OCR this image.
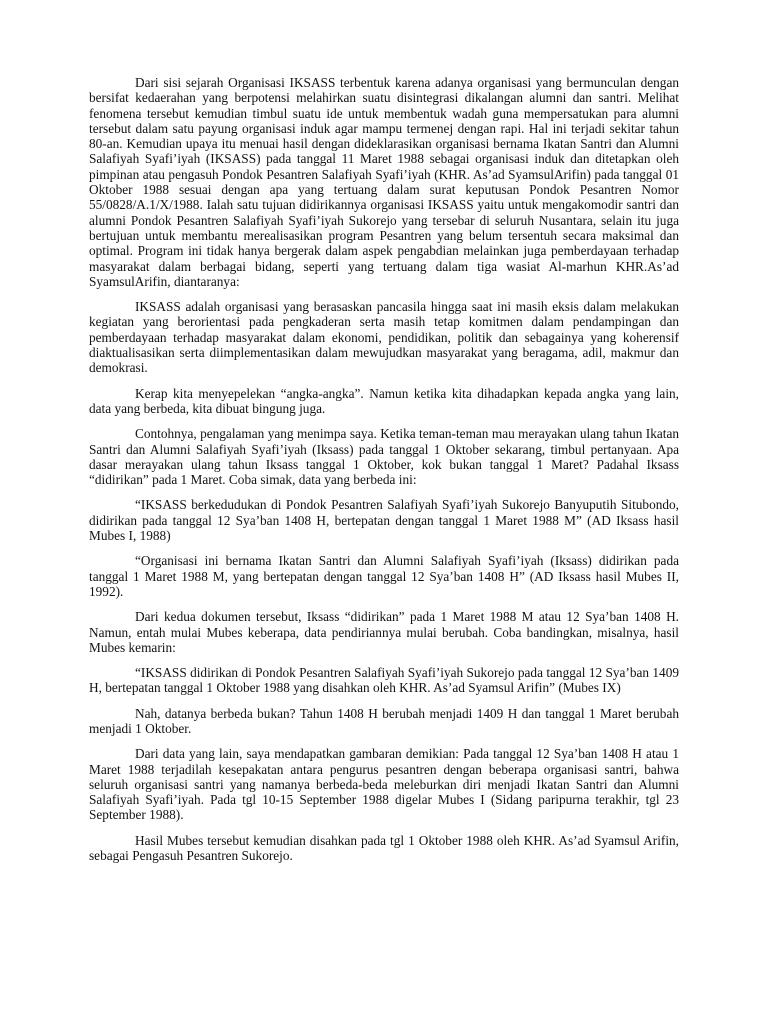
Dari sisi sejarah Organisasi IKSASS terbentuk karena adanya organisasi yang bermunculan dengan bersifat kedaerahan yang berpotensi melahirkan suatu disintegrasi dikalangan alumni dan santri. Melihat fenomena tersebut kemudian timbul suatu ide untuk membentuk wadah guna mempersatukan para alumni tersebut dalam satu payung organisasi induk agar mampu termenej dengan rapi. Hal ini terjadi sekitar tahun 80-an. Kemudian upaya itu menuai hasil dengan dideklarasikan organisasi bernama Ikatan Santri dan Alumni Salafiyah Syafi’iyah (IKSASS) pada tanggal 11 Maret 1988 sebagai organisasi induk dan ditetapkan oleh pimpinan atau pengasuh Pondok Pesantren Salafiyah Syafi’iyah (KHR. As’ad SyamsulArifin) pada tanggal 01 Oktober 1988 sesuai dengan apa yang tertuang dalam surat keputusan Pondok Pesantren Nomor 55/0828/A.1/X/1988. Ialah satu tujuan didirikannya organisasi IKSASS yaitu untuk mengakomodir santri dan alumni Pondok Pesantren Salafiyah Syafi’iyah Sukorejo yang tersebar di seluruh Nusantara, selain itu juga bertujuan untuk membantu merealisasikan program Pesantren yang belum tersentuh secara maksimal dan optimal. Program ini tidak hanya bergerak dalam aspek pengabdian melainkan juga pemberdayaan terhadap masyarakat dalam berbagai bidang, seperti yang tertuang dalam tiga wasiat Al-marhun KHR.As’ad SyamsulArifin, diantaranya:

IKSASS adalah organisasi yang berasaskan pancasila hingga saat ini masih eksis dalam melakukan kegiatan yang berorientasi pada pengkaderan serta masih tetap komitmen dalam pendampingan dan pemberdayaan terhadap masyarakat dalam ekonomi, pendidikan, politik dan sebagainya yang koherensif diaktualisasikan serta diimplementasikan dalam mewujudkan masyarakat yang beragama, adil, makmur dan demokrasi.

Kerap kita menyepelekan “angka-angka”. Namun ketika kita dihadapkan kepada angka yang lain, data yang berbeda, kita dibuat bingung juga.

Contohnya, pengalaman yang menimpa saya. Ketika teman-teman mau merayakan ulang tahun Ikatan Santri dan Alumni Salafiyah Syafi’iyah (Iksass) pada tanggal 1 Oktober sekarang, timbul pertanyaan. Apa dasar merayakan ulang tahun Iksass tanggal 1 Oktober, kok bukan tanggal 1 Maret? Padahal Iksass “didirikan” pada 1 Maret. Coba simak, data yang berbeda ini:

“IKSASS berkedudukan di Pondok Pesantren Salafiyah Syafi’iyah Sukorejo Banyuputih Situbondo, didirikan pada tanggal 12 Sya’ban 1408 H, bertepatan dengan tanggal 1 Maret 1988 M” (AD Iksass hasil Mubes I, 1988)

“Organisasi ini bernama Ikatan Santri dan Alumni Salafiyah Syafi’iyah (Iksass) didirikan pada tanggal 1 Maret 1988 M, yang bertepatan dengan tanggal 12 Sya’ban 1408 H” (AD Iksass hasil Mubes II, 1992).

Dari kedua dokumen tersebut, Iksass “didirikan” pada 1 Maret 1988 M atau 12 Sya’ban 1408 H. Namun, entah mulai Mubes keberapa, data pendiriannya mulai berubah. Coba bandingkan, misalnya, hasil Mubes kemarin:

“IKSASS didirikan di Pondok Pesantren Salafiyah Syafi’iyah Sukorejo pada tanggal 12 Sya’ban 1409 H, bertepatan tanggal 1 Oktober 1988 yang disahkan oleh KHR. As’ad Syamsul Arifin” (Mubes IX)

Nah, datanya berbeda bukan? Tahun 1408 H berubah menjadi 1409 H dan tanggal 1 Maret berubah menjadi 1 Oktober.

Dari data yang lain, saya mendapatkan gambaran demikian: Pada tanggal 12 Sya’ban 1408 H atau 1 Maret 1988 terjadilah kesepakatan antara pengurus pesantren dengan beberapa organisasi santri, bahwa seluruh organisasi santri yang namanya berbeda-beda meleburkan diri menjadi Ikatan Santri dan Alumni Salafiyah Syafi’iyah. Pada tgl 10-15 September 1988 digelar Mubes I (Sidang paripurna terakhir, tgl 23 September 1988).

Hasil Mubes tersebut kemudian disahkan pada tgl 1 Oktober 1988 oleh KHR. As’ad Syamsul Arifin, sebagai Pengasuh Pesantren Sukorejo.
